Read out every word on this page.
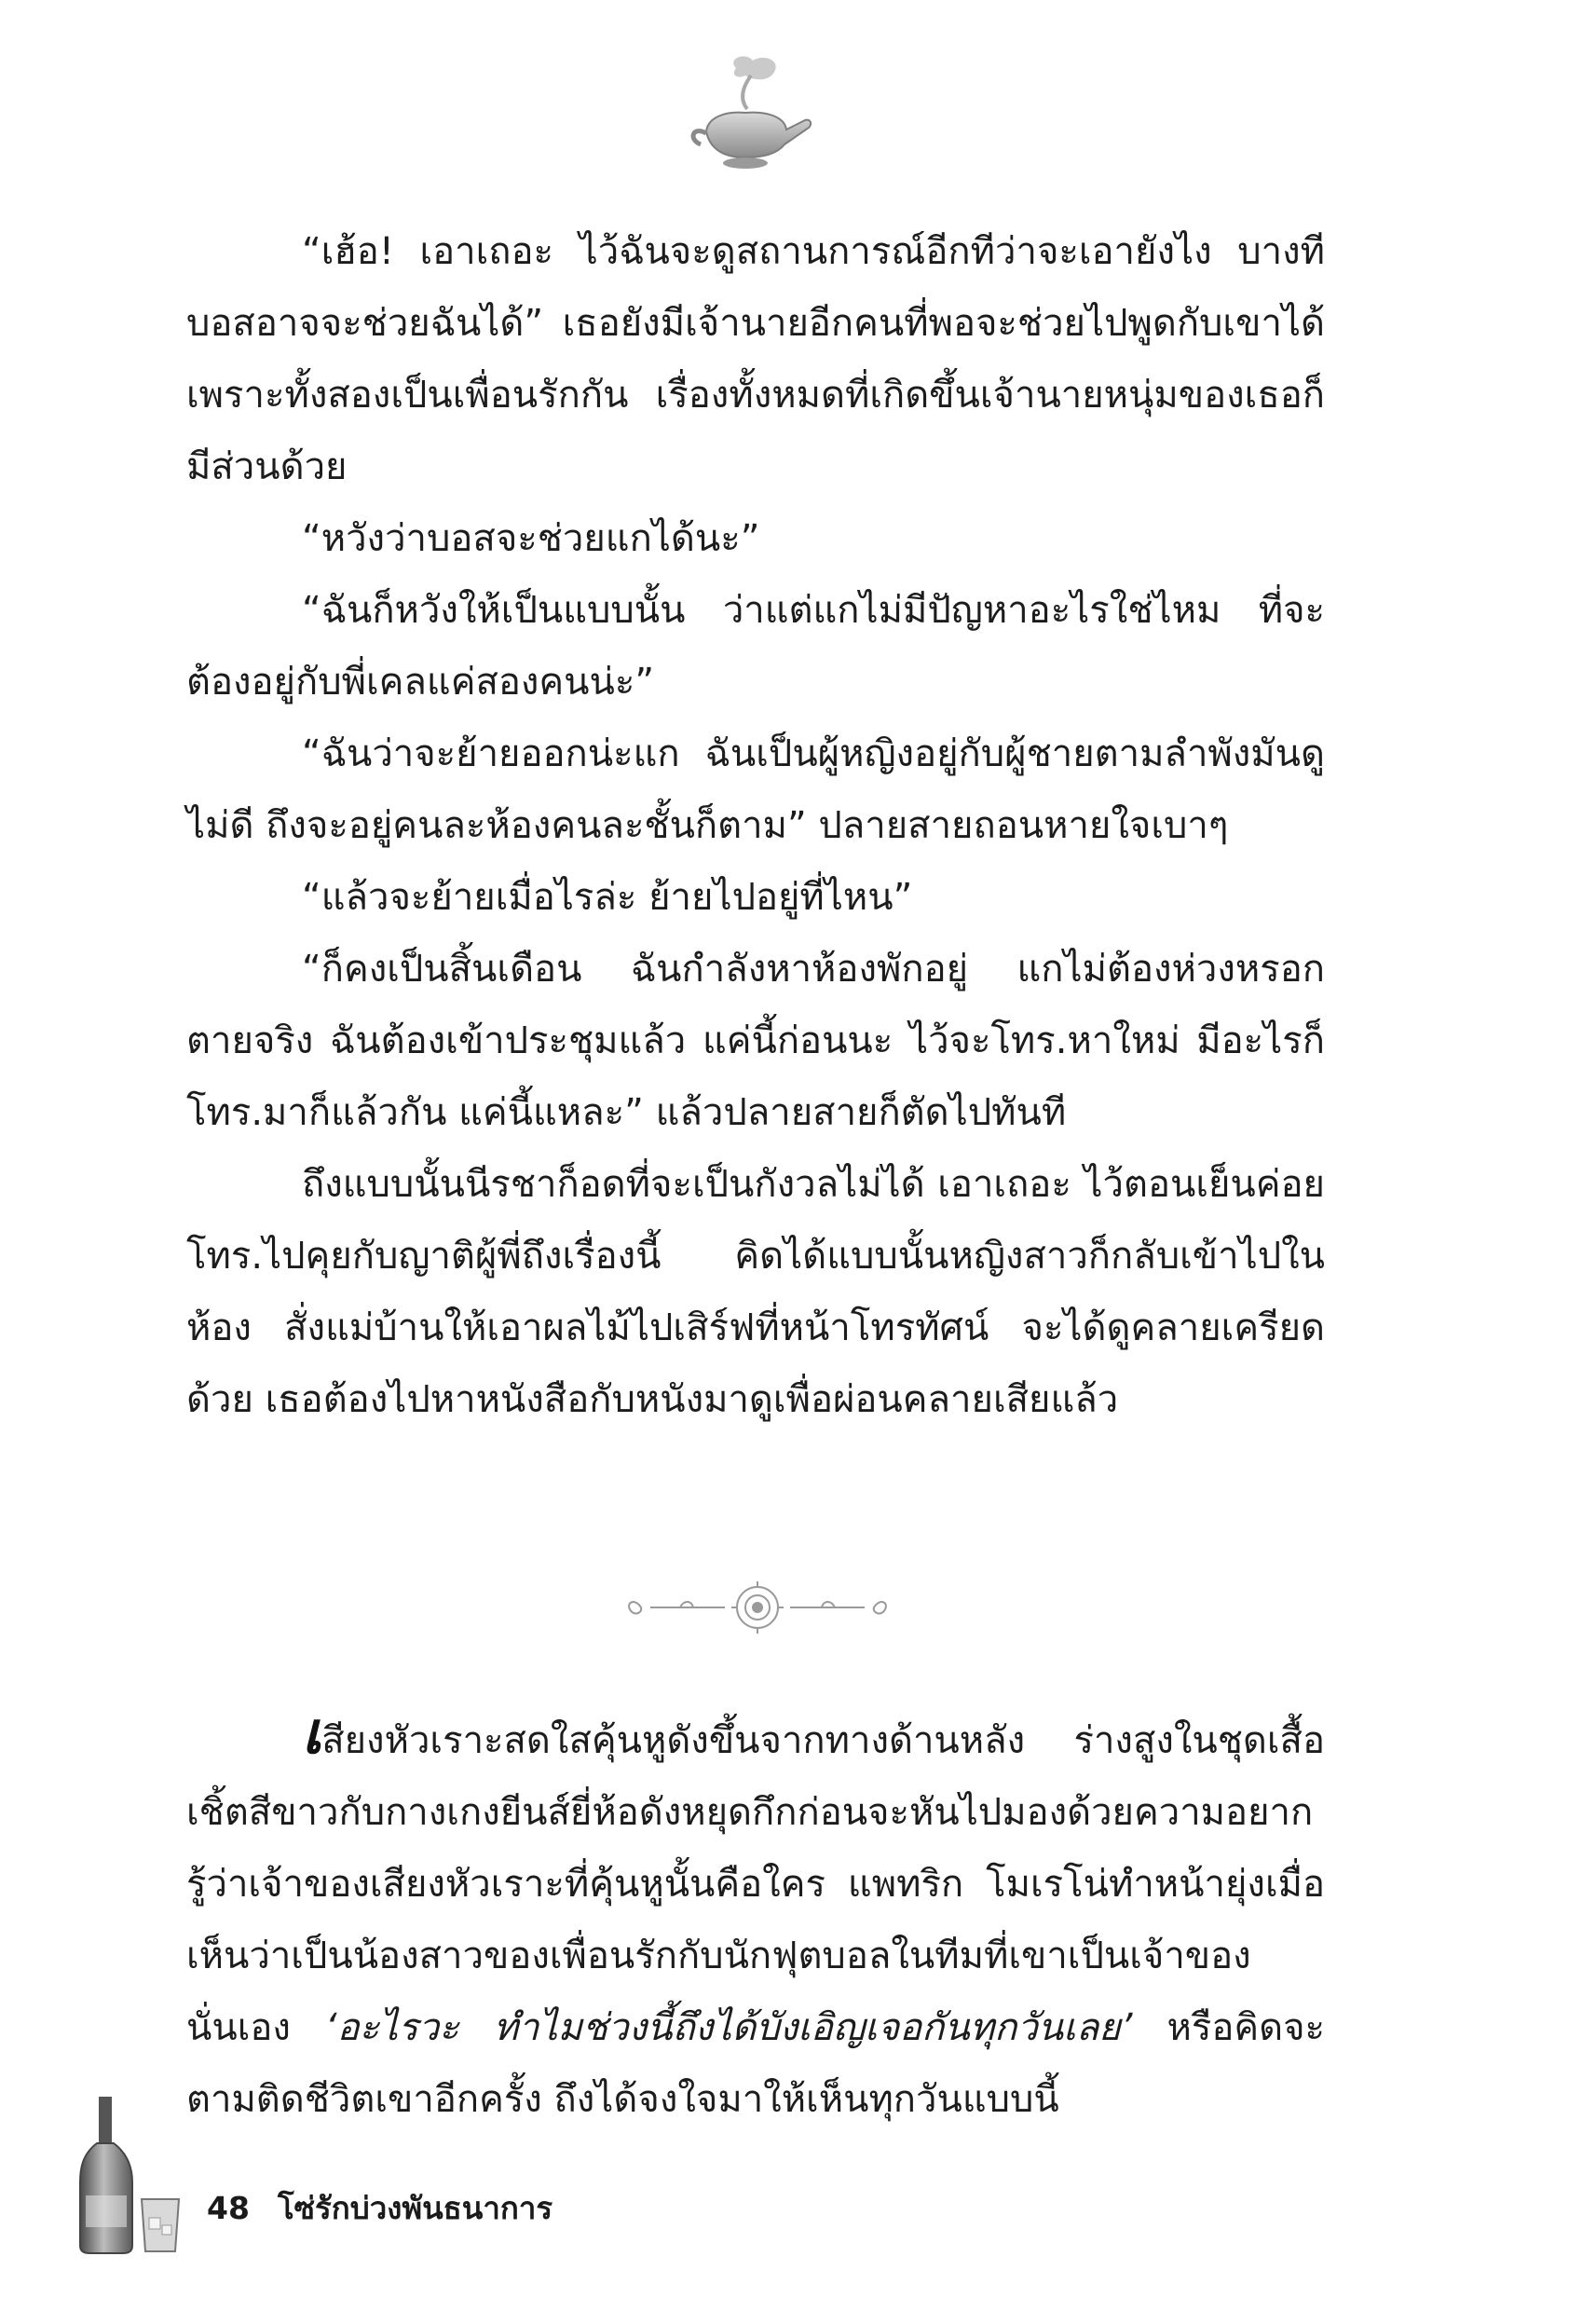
“เฮ้อ! เอาเถอะ ไว้ฉันจะดูสถานการณ์อีกทีว่าจะเอายังไง บางทีบอสอาจจะช่วยฉันได้” เธอยังมีเจ้านายอีกคนที่พอจะช่วยไปพูดกับเขาได้ เพราะทั้งสองเป็นเพื่อนรักกัน เรื่องทั้งหมดที่เกิดขึ้นเจ้านายหนุ่มของเธอก็มีส่วนด้วย

“หวังว่าบอสจะช่วยแกได้นะ”

“ฉันก็หวังให้เป็นแบบนั้น ว่าแต่แกไม่มีปัญหาอะไรใช่ไหม ที่จะต้องอยู่กับพี่เคลแค่สองคนน่ะ”

“ฉันว่าจะย้ายออกน่ะแก ฉันเป็นผู้หญิงอยู่กับผู้ชายตามลำพังมันดูไม่ดี ถึงจะอยู่คนละห้องคนละชั้นก็ตาม” ปลายสายถอนหายใจเบาๆ

“แล้วจะย้ายเมื่อไรล่ะ ย้ายไปอยู่ที่ไหน”

“ก็คงเป็นสิ้นเดือน ฉันกำลังหาห้องพักอยู่ แกไม่ต้องห่วงหรอก ตายจริง ฉันต้องเข้าประชุมแล้ว แค่นี้ก่อนนะ ไว้จะโทร.หาใหม่ มีอะไรก็โทร.มาก็แล้วกัน แค่นี้แหละ” แล้วปลายสายก็ตัดไปทันที

ถึงแบบนั้นนีรชาก็อดที่จะเป็นกังวลไม่ได้ เอาเถอะ ไว้ตอนเย็นค่อยโทร.ไปคุยกับญาติผู้พี่ถึงเรื่องนี้ คิดได้แบบนั้นหญิงสาวก็กลับเข้าไปในห้อง สั่งแม่บ้านให้เอาผลไม้ไปเสิร์ฟที่หน้าโทรทัศน์ จะได้ดูคลายเครียดด้วย เธอต้องไปหาหนังสือกับหนังมาดูเพื่อผ่อนคลายเสียแล้ว

เสียงหัวเราะสดใสคุ้นหูดังขึ้นจากทางด้านหลัง ร่างสูงในชุดเสื้อเชิ้ตสีขาวกับกางเกงยีนส์ยี่ห้อดังหยุดกึกก่อนจะหันไปมองด้วยความอยากรู้ว่าเจ้าของเสียงหัวเราะที่คุ้นหูนั้นคือใคร แพทริก โมเรโน่ทำหน้ายุ่งเมื่อเห็นว่าเป็นน้องสาวของเพื่อนรักกับนักฟุตบอลในทีมที่เขาเป็นเจ้าของนั่นเอง ‘อะไรวะ ทำไมช่วงนี้ถึงได้บังเอิญเจอกันทุกวันเลย’ หรือคิดจะตามติดชีวิตเขาอีกครั้ง ถึงได้จงใจมาให้เห็นทุกวันแบบนี้

48 โซ่รักบ่วงพันธนาการ
